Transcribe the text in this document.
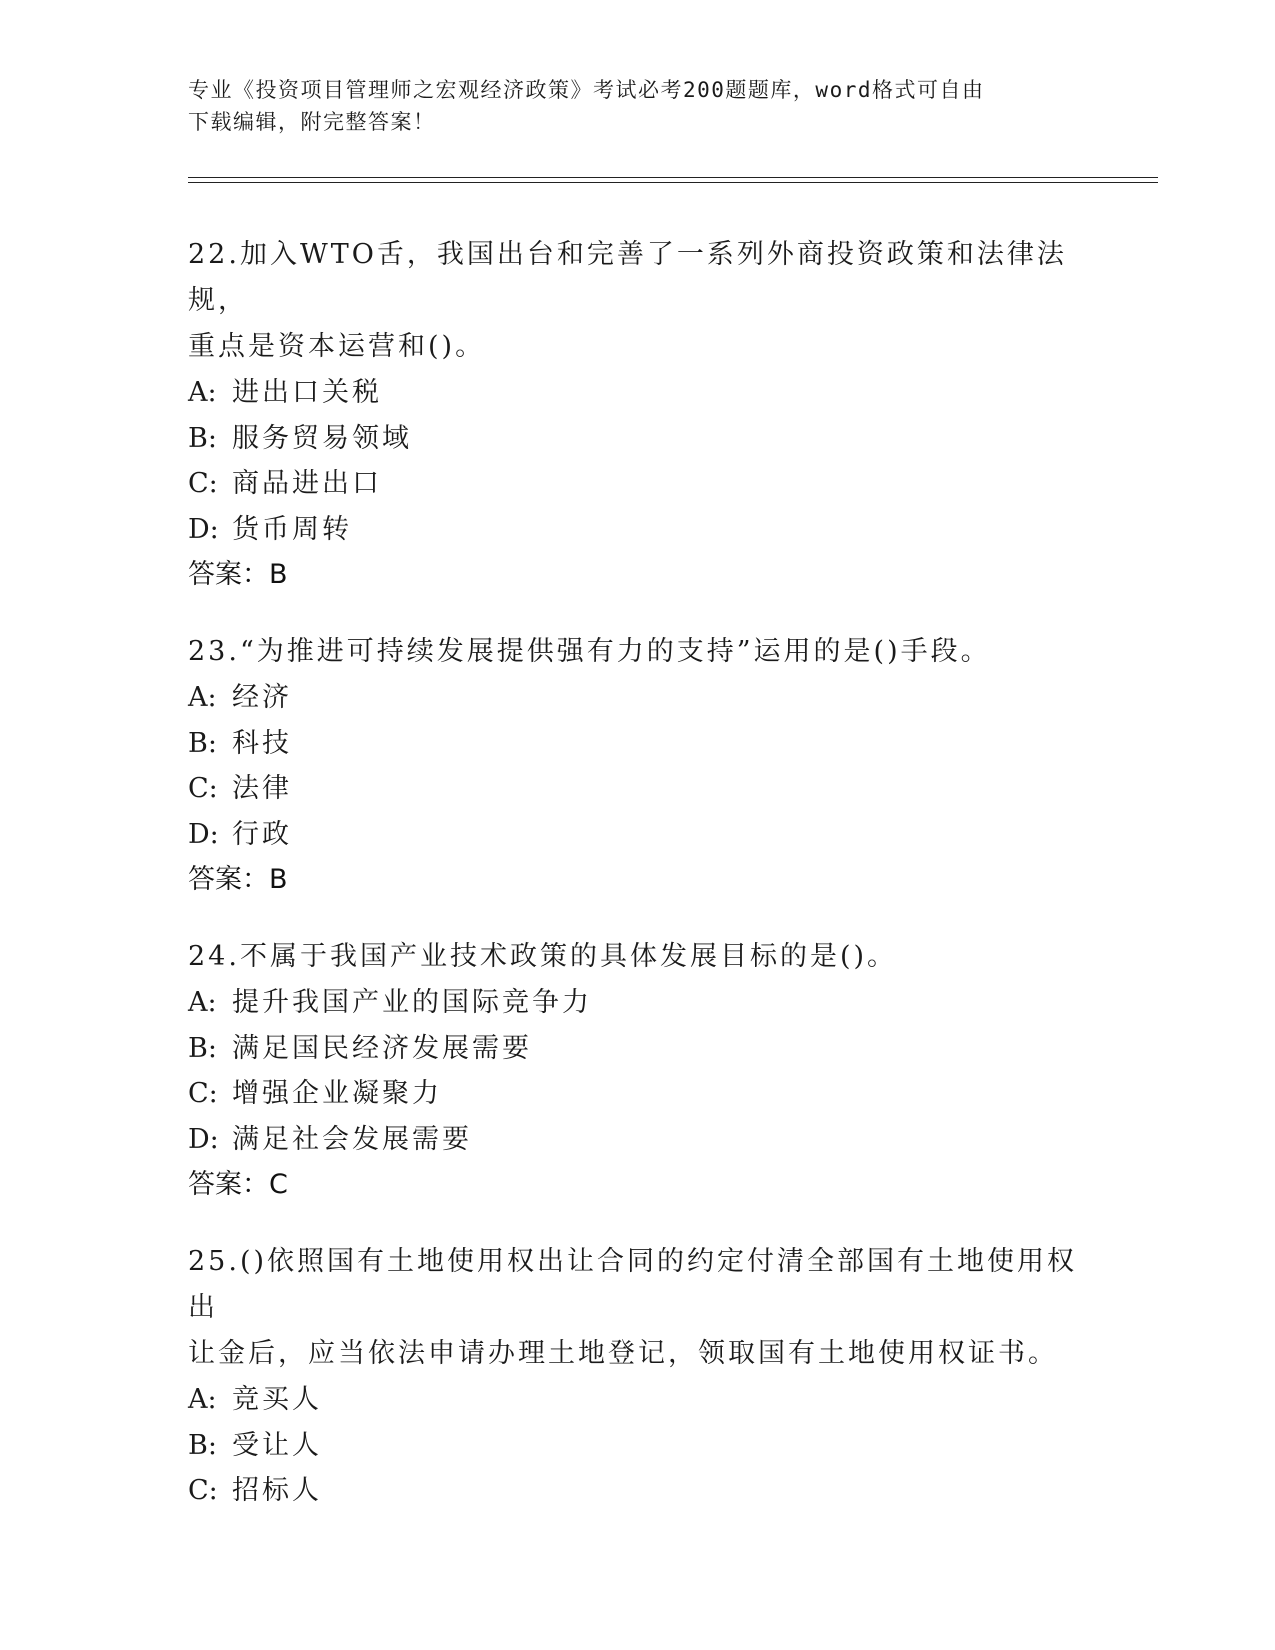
专业《投资项目管理师之宏观经济政策》考试必考200题题库，word格式可自由
下载编辑，附完整答案！

22.加入WTO舌，我国出台和完善了一系列外商投资政策和法律法规，

重点是资本运营和()。

A: 进出口关税

B: 服务贸易领域

C: 商品进出口

D: 货币周转

答案：B

23.“为推进可持续发展提供强有力的支持”运用的是()手段。

A: 经济

B: 科技

C: 法律

D: 行政

答案：B

24.不属于我国产业技术政策的具体发展目标的是()。

A: 提升我国产业的国际竞争力

B: 满足国民经济发展需要

C: 增强企业凝聚力

D: 满足社会发展需要

答案：C

25.()依照国有土地使用权出让合同的约定付清全部国有土地使用权出

让金后，应当依法申请办理土地登记，领取国有土地使用权证书。

A: 竞买人

B: 受让人

C: 招标人
